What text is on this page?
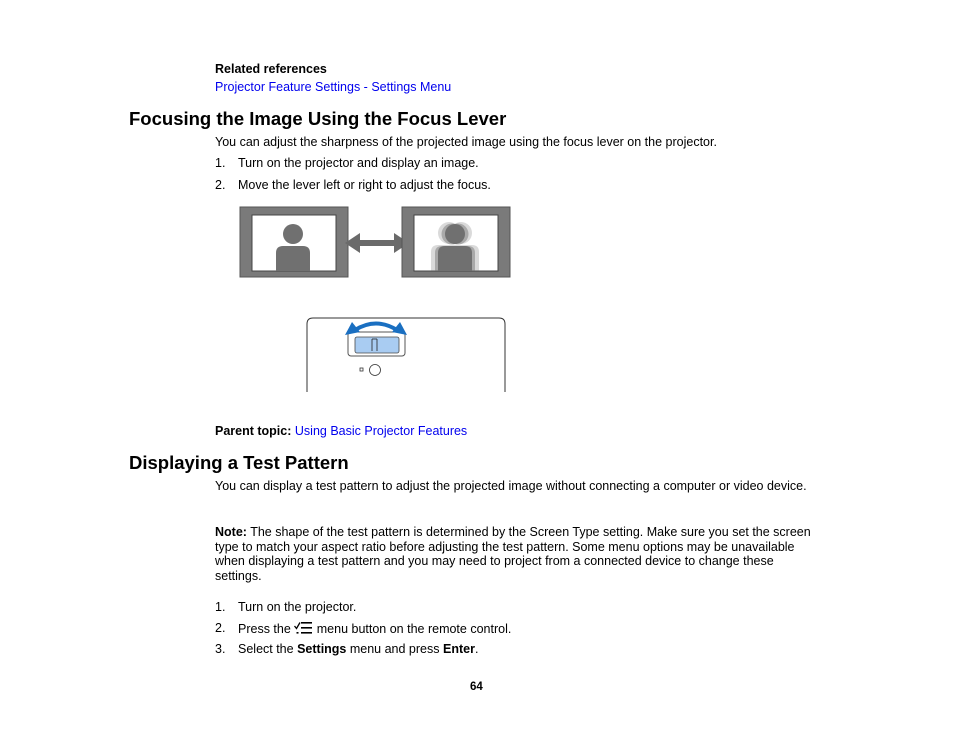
Related references
Projector Feature Settings - Settings Menu
Focusing the Image Using the Focus Lever
You can adjust the sharpness of the projected image using the focus lever on the projector.
1. Turn on the projector and display an image.
2. Move the lever left or right to adjust the focus.
Parent topic: Using Basic Projector Features
Displaying a Test Pattern
You can display a test pattern to adjust the projected image without connecting a computer or video device.
Note: The shape of the test pattern is determined by the Screen Type setting. Make sure you set the screen type to match your aspect ratio before adjusting the test pattern. Some menu options may be unavailable when displaying a test pattern and you may need to project from a connected device to change these settings.
1. Turn on the projector.
2. Press the  menu button on the remote control.
3. Select the Settings menu and press Enter.
64
